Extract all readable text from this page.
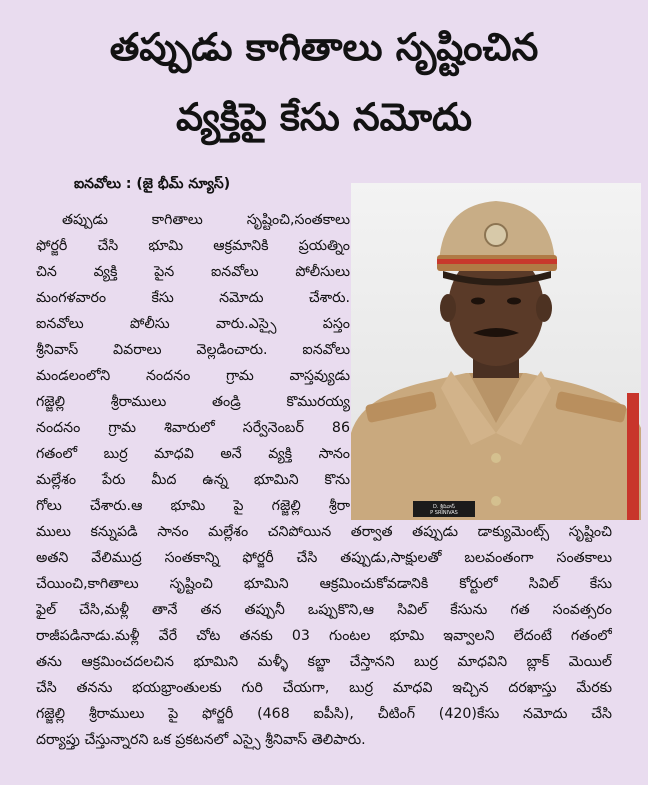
తప్పుడు కాగితాలు సృష్టించిన
వ్యక్తిపై కేసు నమోదు
ఐనవోలు : (జై భీమ్ న్యూస్)
D. శ్రీనివాస్
P SRINIVAS
తప్పుడు కాగితాలు సృష్టించి,సంతకాలు
ఫోర్జరీ చేసి భూమి ఆక్రమానికి ప్రయత్నిం
చిన వ్యక్తి పైన ఐనవోలు పోలీసులు
మంగళవారం కేసు నమోదు చేశారు.
ఐనవోలు పోలీసు వారు.ఎస్సై పస్తం
శ్రీనివాస్ వివరాలు వెల్లడించారు. ఐనవోలు
మండలంలోని నందనం గ్రామ వాస్తవ్యుడు
గజ్జెల్లి శ్రీరాములు తండ్రి కొమురయ్య
నందనం గ్రామ శివారులో సర్వేనెంబర్ 86
గతంలో బుర్ర మాధవి అనే వ్యక్తి సానం
మల్లేశం పేరు మీద ఉన్న భూమిని కొను
గోలు చేశారు.ఆ భూమి పై గజ్జెల్లి శ్రీరా
ములు కన్నుపడి సానం మల్లేశం చనిపోయిన తర్వాత తప్పుడు డాక్యుమెంట్స్ సృష్టించి
అతని వేలిముద్ర సంతకాన్ని ఫోర్జరీ చేసి తప్పుడు,సాక్షులతో బలవంతంగా సంతకాలు
చేయించి,కాగితాలు సృష్టించి భూమిని ఆక్రమించుకోవడానికి కోర్టులో సివిల్ కేసు
ఫైల్ చేసి,మళ్లీ తానే తన తప్పునీ ఒప్పుకొని,ఆ సివిల్ కేసును గత సంవత్సరం
రాజీపడినాడు.మళ్లీ వేరే చోట తనకు 03 గుంటల భూమి ఇవ్వాలని లేదంటే గతంలో
తను ఆక్రమించదలచిన భూమిని మళ్ళీ కబ్జా చేస్తానని బుర్ర మాధవిని బ్లాక్ మెయిల్
చేసి తనను భయభ్రాంతులకు గురి చేయగా, బుర్ర మాధవి ఇచ్చిన దరఖాస్తు మేరకు
గజ్జెల్లి శ్రీరాములు పై ఫోర్జరీ (468 ఐపీసి), చీటింగ్ (420)కేసు నమోదు చేసి
దర్యాప్తు చేస్తున్నారని ఒక ప్రకటనలో ఎస్సై శ్రీనివాస్ తెలిపారు.
